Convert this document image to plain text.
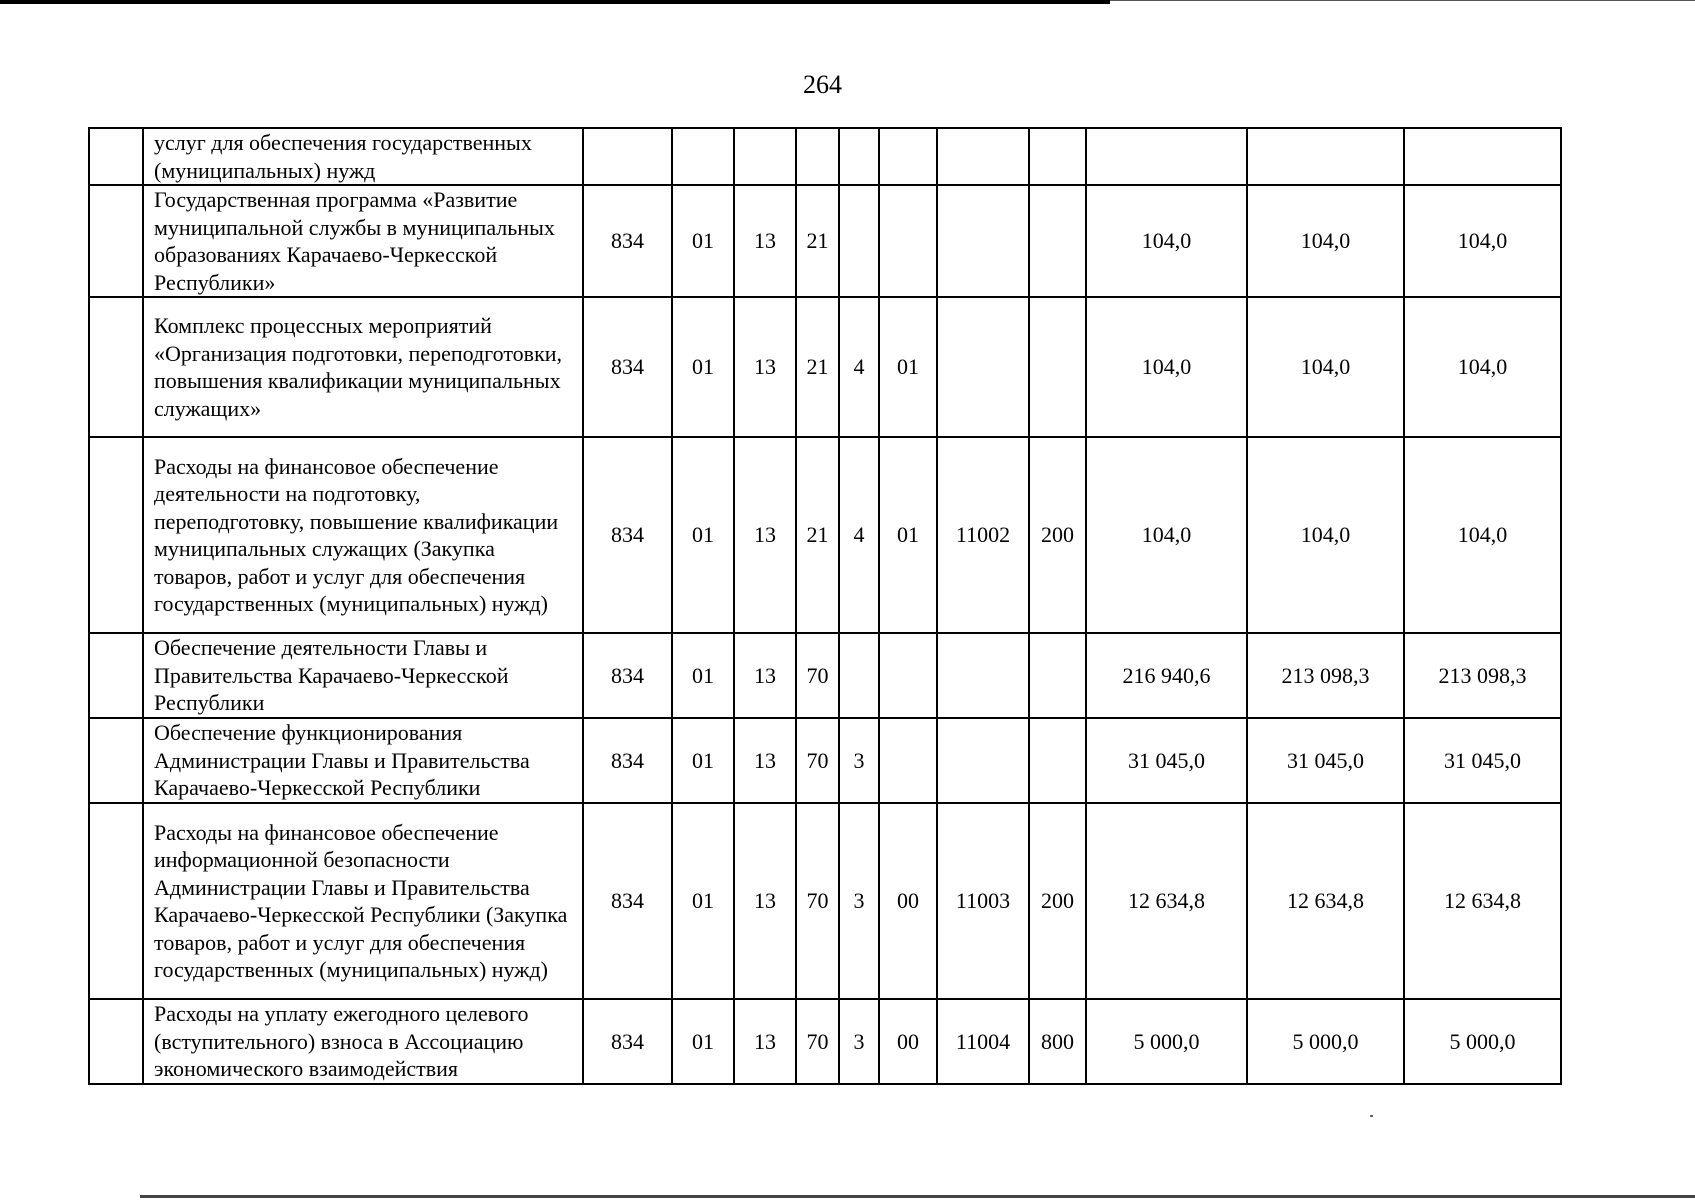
264
	услуг для обеспечения государственных (муниципальных) нужд											
	Государственная программа «Развитие муниципальной службы в муниципальных образованиях Карачаево-Черкесской Республики»	834	01	13	21					104,0	104,0	104,0
	Комплекс процессных мероприятий «Организация подготовки, переподготовки, повышения квалификации муниципальных служащих»	834	01	13	21	4	01			104,0	104,0	104,0
	Расходы на финансовое обеспечение деятельности на подготовку, переподготовку, повышение квалификации муниципальных служащих (Закупка товаров, работ и услуг для обеспечения государственных (муниципальных) нужд)	834	01	13	21	4	01	11002	200	104,0	104,0	104,0
	Обеспечение деятельности Главы и Правительства Карачаево-Черкесской Республики	834	01	13	70					216 940,6	213 098,3	213 098,3
	Обеспечение функционирования Администрации Главы и Правительства Карачаево-Черкесской Республики	834	01	13	70	3				31 045,0	31 045,0	31 045,0
	Расходы на финансовое обеспечение информационной безопасности Администрации Главы и Правительства Карачаево-Черкесской Республики (Закупка товаров, работ и услуг для обеспечения государственных (муниципальных) нужд)	834	01	13	70	3	00	11003	200	12 634,8	12 634,8	12 634,8
	Расходы на уплату ежегодного целевого (вступительного) взноса в Ассоциацию экономического взаимодействия	834	01	13	70	3	00	11004	800	5 000,0	5 000,0	5 000,0
